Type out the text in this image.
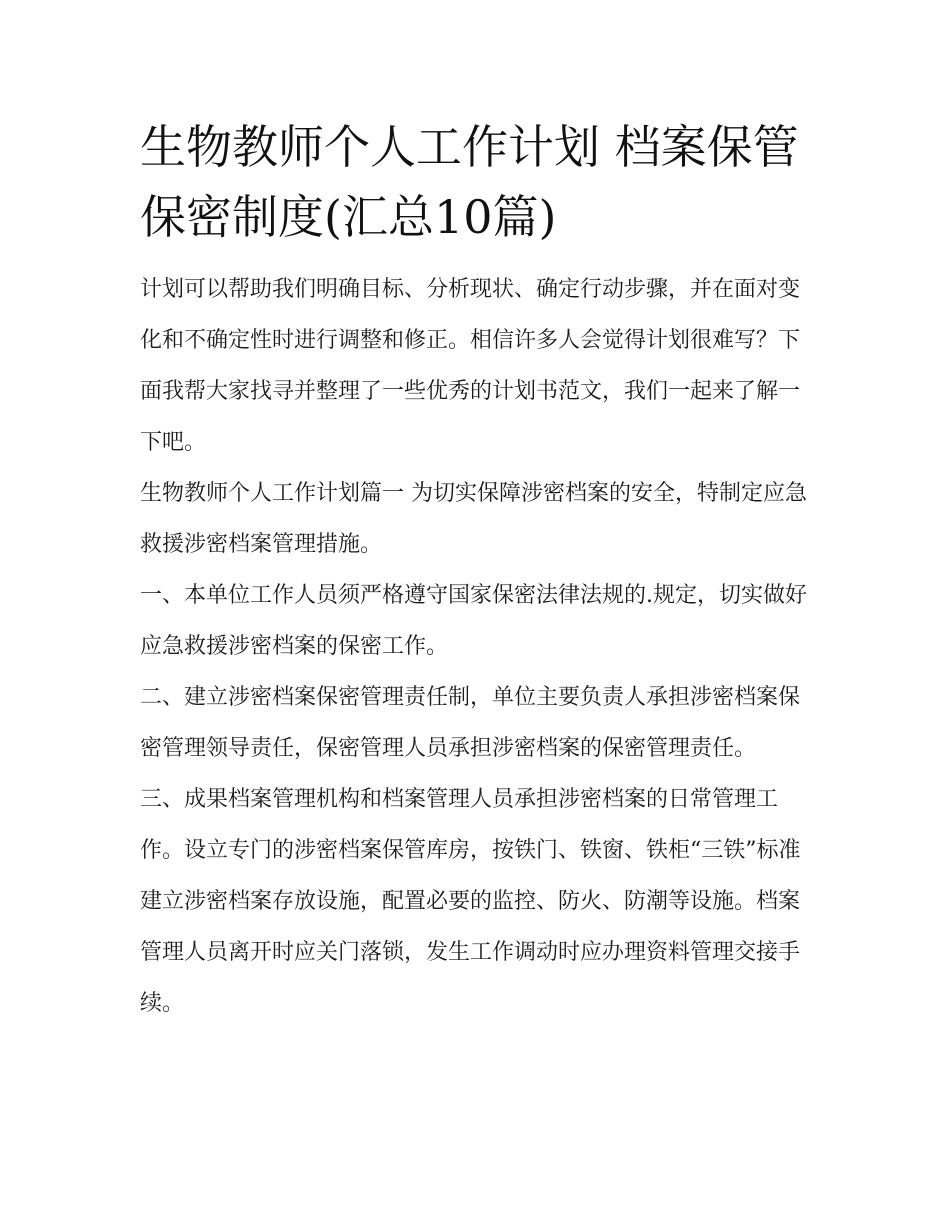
生物教师个人工作计划 档案保管保密制度(汇总10篇)

计划可以帮助我们明确目标、分析现状、确定行动步骤，并在面对变化和不确定性时进行调整和修正。相信许多人会觉得计划很难写？下面我帮大家找寻并整理了一些优秀的计划书范文，我们一起来了解一下吧。

生物教师个人工作计划篇一 为切实保障涉密档案的安全，特制定应急救援涉密档案管理措施。

一、本单位工作人员须严格遵守国家保密法律法规的.规定，切实做好应急救援涉密档案的保密工作。

二、建立涉密档案保密管理责任制，单位主要负责人承担涉密档案保密管理领导责任，保密管理人员承担涉密档案的保密管理责任。

三、成果档案管理机构和档案管理人员承担涉密档案的日常管理工作。设立专门的涉密档案保管库房，按铁门、铁窗、铁柜“三铁”标准建立涉密档案存放设施，配置必要的监控、防火、防潮等设施。档案管理人员离开时应关门落锁，发生工作调动时应办理资料管理交接手续。
